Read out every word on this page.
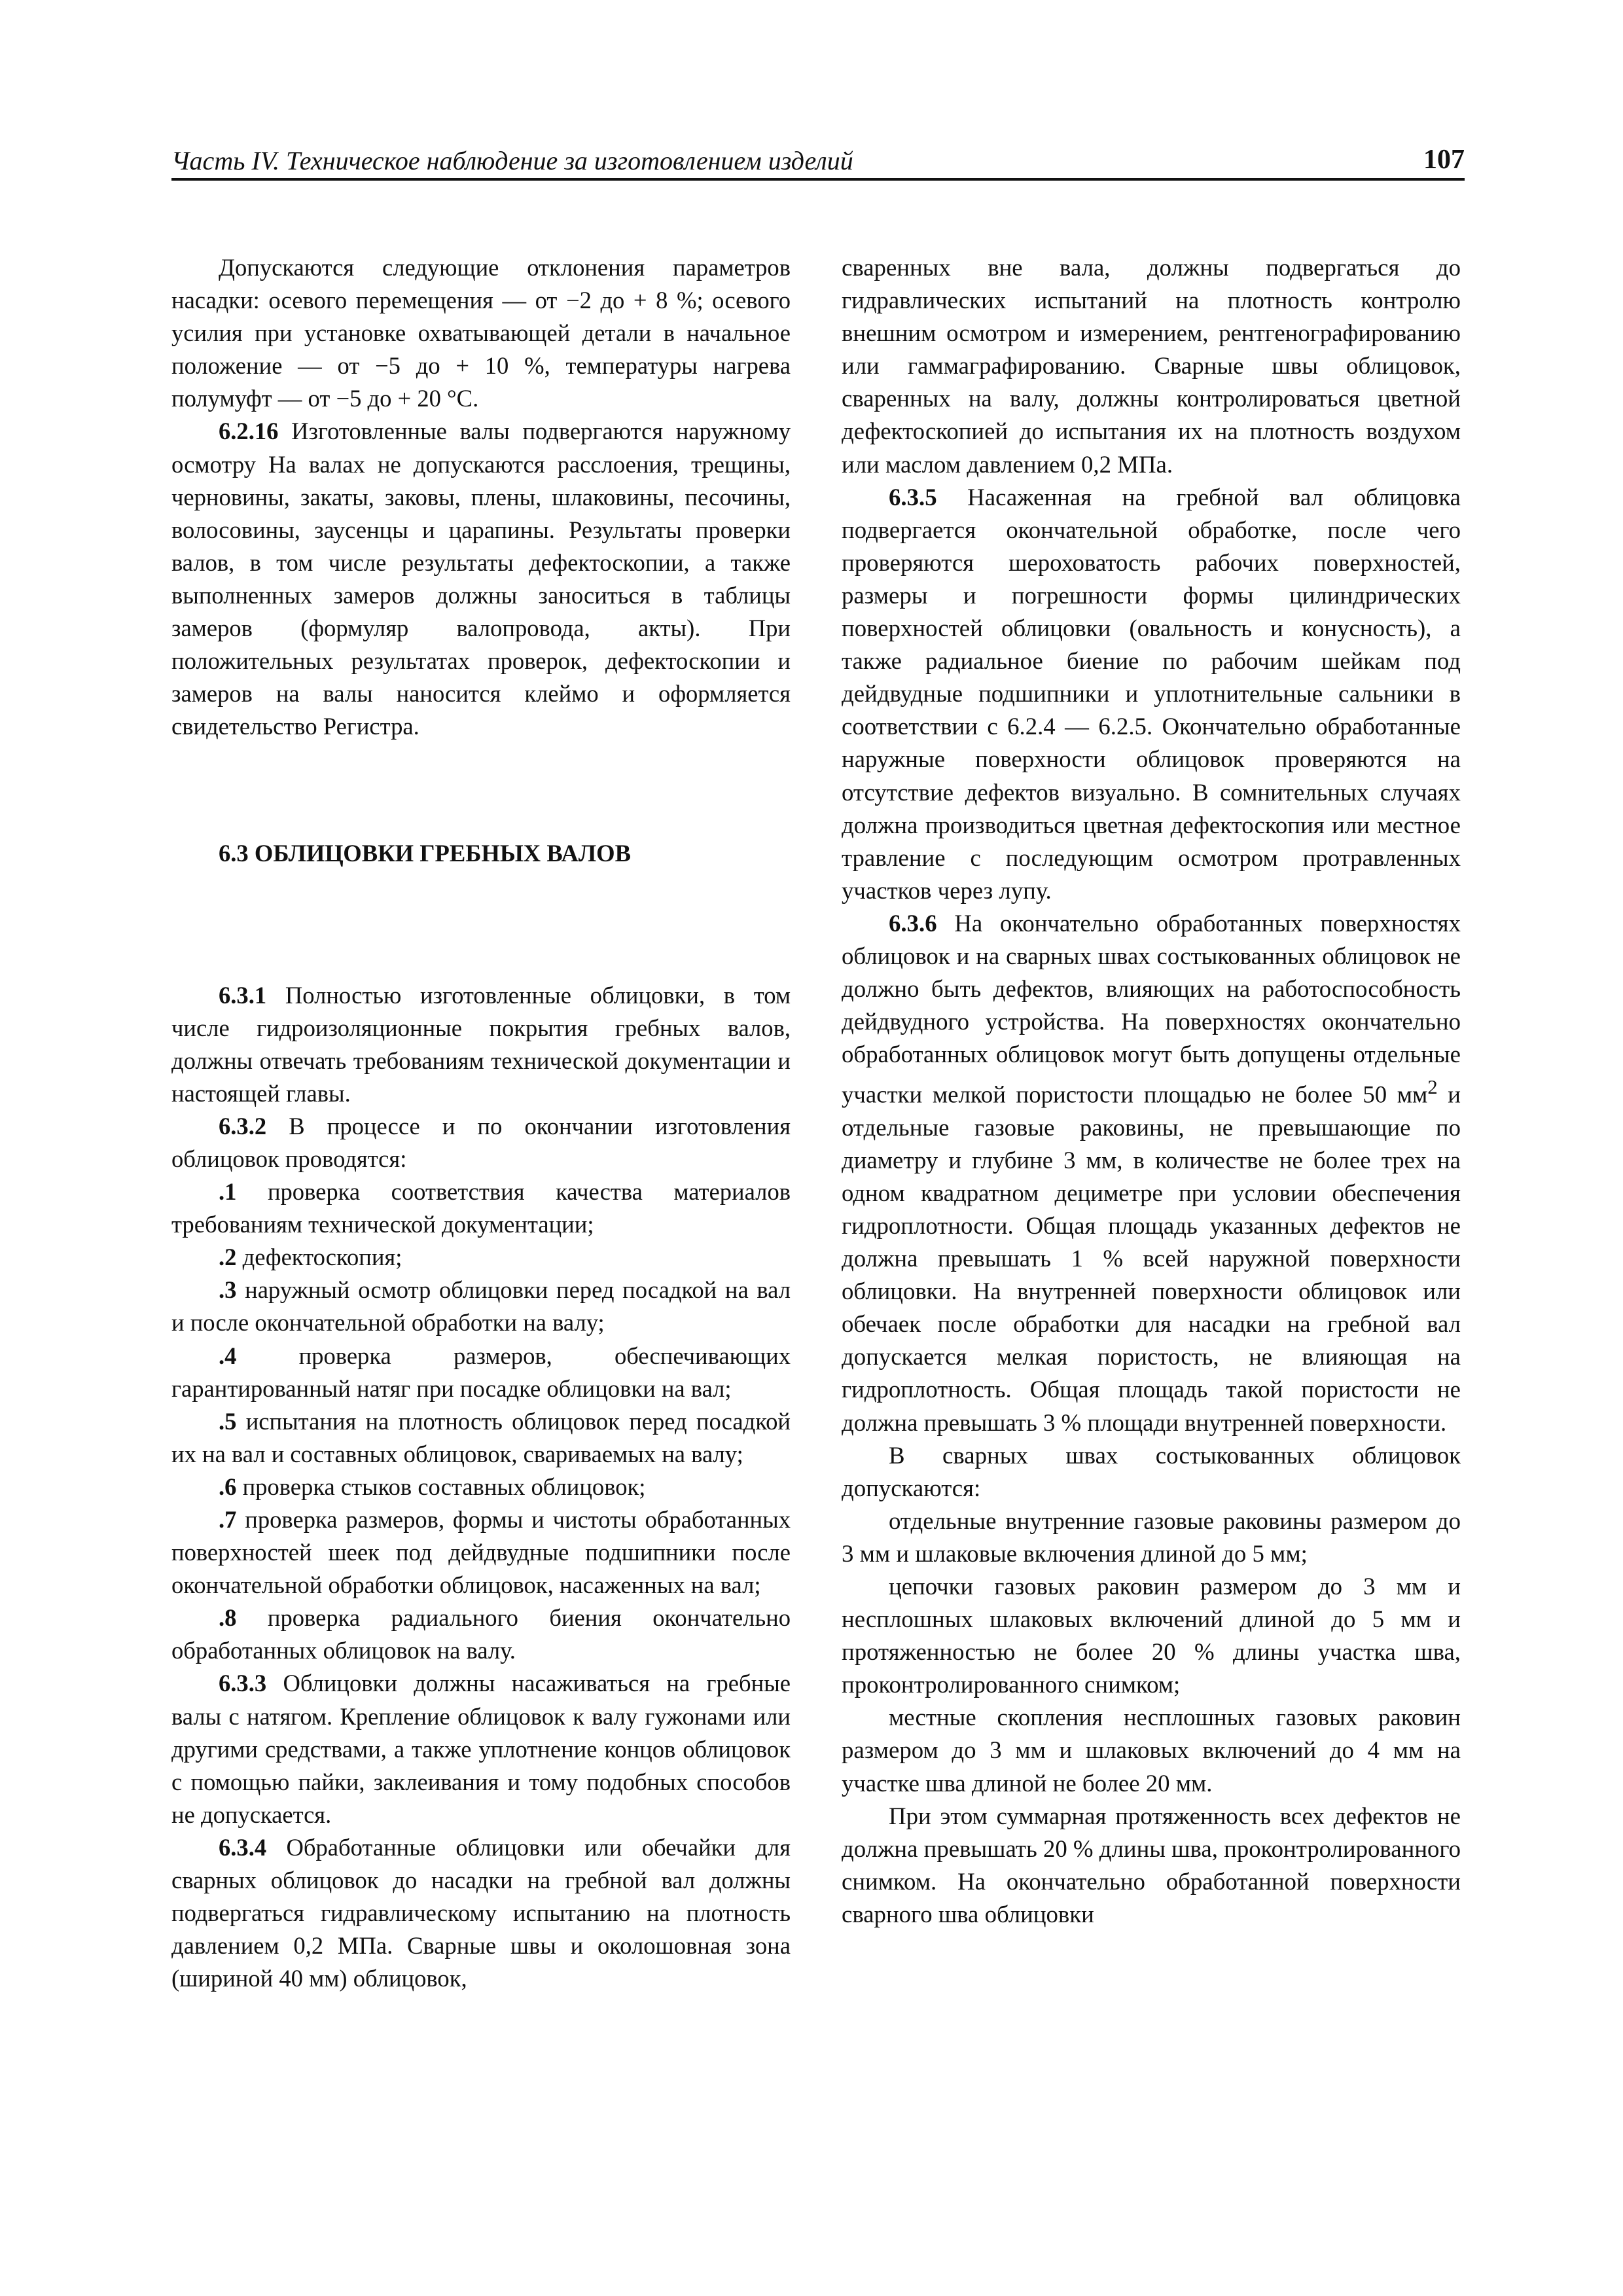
Часть IV. Техническое наблюдение за изготовлением изделий	107

Допускаются следующие отклонения параметров насадки: осевого перемещения — от −2 до + 8 %; осевого усилия при установке охватывающей детали в начальное положение — от −5 до + 10 %, температуры нагрева полумуфт — от −5 до + 20 °С.

6.2.16 Изготовленные валы подвергаются наружному осмотру На валах не допускаются расслоения, трещины, черновины, закаты, заковы, плены, шлаковины, песочины, волосовины, заусенцы и царапины. Результаты проверки валов, в том числе результаты дефектоскопии, а также выполненных замеров должны заноситься в таблицы замеров (формуляр валопровода, акты). При положительных результатах проверок, дефектоскопии и замеров на валы наносится клеймо и оформляется свидетельство Регистра.

6.3 ОБЛИЦОВКИ ГРЕБНЫХ ВАЛОВ

6.3.1 Полностью изготовленные облицовки, в том числе гидроизоляционные покрытия гребных валов, должны отвечать требованиям технической документации и настоящей главы.

6.3.2 В процессе и по окончании изготовления облицовок проводятся:

.1 проверка соответствия качества материалов требованиям технической документации;

.2 дефектоскопия;

.3 наружный осмотр облицовки перед посадкой на вал и после окончательной обработки на валу;

.4 проверка размеров, обеспечивающих гарантированный натяг при посадке облицовки на вал;

.5 испытания на плотность облицовок перед посадкой их на вал и составных облицовок, свариваемых на валу;

.6 проверка стыков составных облицовок;

.7 проверка размеров, формы и чистоты обработанных поверхностей шеек под дейдвудные подшипники после окончательной обработки облицовок, насаженных на вал;

.8 проверка радиального биения окончательно обработанных облицовок на валу.

6.3.3 Облицовки должны насаживаться на гребные валы с натягом. Крепление облицовок к валу гужонами или другими средствами, а также уплотнение концов облицовок с помощью пайки, заклеивания и тому подобных способов не допускается.

6.3.4 Обработанные облицовки или обечайки для сварных облицовок до насадки на гребной вал должны подвергаться гидравлическому испытанию на плотность давлением 0,2 МПа. Сварные швы и околошовная зона (шириной 40 мм) облицовок,

сваренных вне вала, должны подвергаться до гидравлических испытаний на плотность контролю внешним осмотром и измерением, рентгенографированию или гаммаграфированию. Сварные швы облицовок, сваренных на валу, должны контролироваться цветной дефектоскопией до испытания их на плотность воздухом или маслом давлением 0,2 МПа.

6.3.5 Насаженная на гребной вал облицовка подвергается окончательной обработке, после чего проверяются шероховатость рабочих поверхностей, размеры и погрешности формы цилиндрических поверхностей облицовки (овальность и конусность), а также радиальное биение по рабочим шейкам под дейдвудные подшипники и уплотнительные сальники в соответствии с 6.2.4 — 6.2.5. Окончательно обработанные наружные поверхности облицовок проверяются на отсутствие дефектов визуально. В сомнительных случаях должна производиться цветная дефектоскопия или местное травление с последующим осмотром протравленных участков через лупу.

6.3.6 На окончательно обработанных поверхностях облицовок и на сварных швах состыкованных облицовок не должно быть дефектов, влияющих на работоспособность дейдвудного устройства. На поверхностях окончательно обработанных облицовок могут быть допущены отдельные участки мелкой пористости площадью не более 50 $мм^2$ и отдельные газовые раковины, не превышающие по диаметру и глубине 3 мм, в количестве не более трех на одном квадратном дециметре при условии обеспечения гидроплотности. Общая площадь указанных дефектов не должна превышать 1 % всей наружной поверхности облицовки. На внутренней поверхности облицовок или обечаек после обработки для насадки на гребной вал допускается мелкая пористость, не влияющая на гидроплотность. Общая площадь такой пористости не должна превышать 3 % площади внутренней поверхности.

В сварных швах состыкованных облицовок допускаются:

отдельные внутренние газовые раковины размером до 3 мм и шлаковые включения длиной до 5 мм;

цепочки газовых раковин размером до 3 мм и несплошных шлаковых включений длиной до 5 мм и протяженностью не более 20 % длины участка шва, проконтролированного снимком;

местные скопления несплошных газовых раковин размером до 3 мм и шлаковых включений до 4 мм на участке шва длиной не более 20 мм.

При этом суммарная протяженность всех дефектов не должна превышать 20 % длины шва, проконтролированного снимком. На окончательно обработанной поверхности сварного шва облицовки
